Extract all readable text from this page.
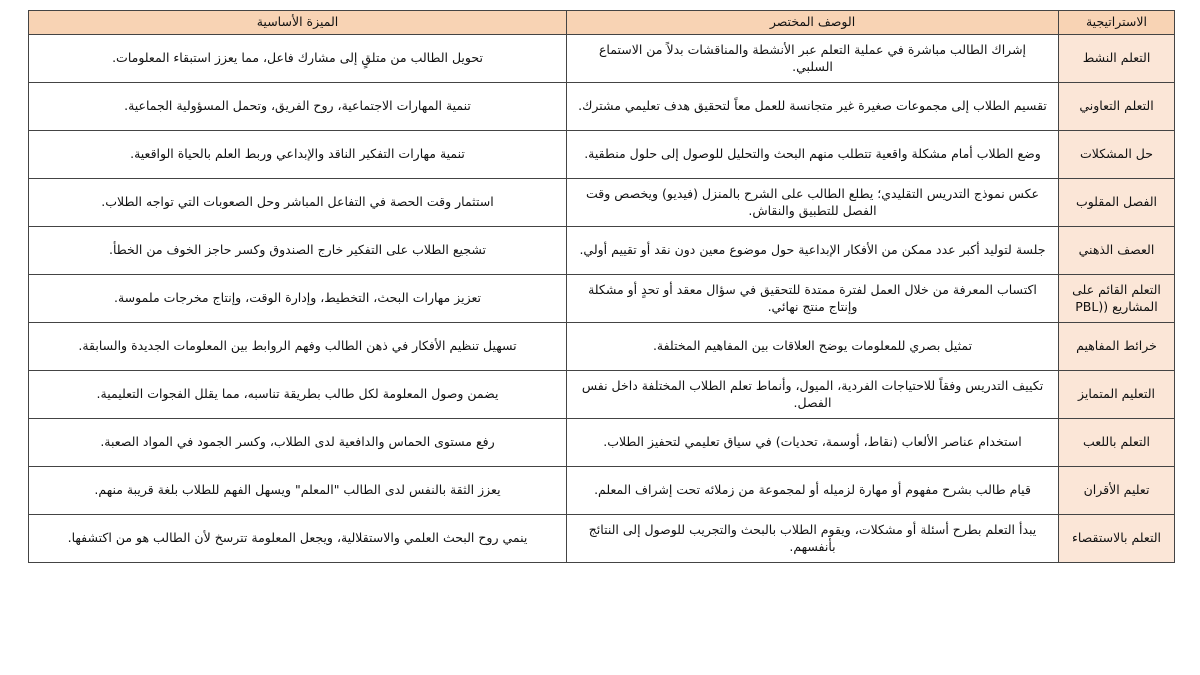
الاستراتيجية	الوصف المختصر	الميزة الأساسية
التعلم النشط	إشراك الطالب مباشرة في عملية التعلم عبر الأنشطة والمناقشات بدلاً من الاستماع السلبي.	تحويل الطالب من متلقٍ إلى مشارك فاعل، مما يعزز استبقاء المعلومات.
التعلم التعاوني	تقسيم الطلاب إلى مجموعات صغيرة غير متجانسة للعمل معاً لتحقيق هدف تعليمي مشترك.	تنمية المهارات الاجتماعية، روح الفريق، وتحمل المسؤولية الجماعية.
حل المشكلات	وضع الطلاب أمام مشكلة واقعية تتطلب منهم البحث والتحليل للوصول إلى حلول منطقية.	تنمية مهارات التفكير الناقد والإبداعي وربط العلم بالحياة الواقعية.
الفصل المقلوب	عكس نموذج التدريس التقليدي؛ يطلع الطالب على الشرح بالمنزل (فيديو) ويخصص وقت الفصل للتطبيق والنقاش.	استثمار وقت الحصة في التفاعل المباشر وحل الصعوبات التي تواجه الطلاب.
العصف الذهني	جلسة لتوليد أكبر عدد ممكن من الأفكار الإبداعية حول موضوع معين دون نقد أو تقييم أولي.	تشجيع الطلاب على التفكير خارج الصندوق وكسر حاجز الخوف من الخطأ.
التعلم القائم على المشاريع ((PBL	اكتساب المعرفة من خلال العمل لفترة ممتدة للتحقيق في سؤال معقد أو تحدٍ أو مشكلة وإنتاج منتج نهائي.	تعزيز مهارات البحث، التخطيط، وإدارة الوقت، وإنتاج مخرجات ملموسة.
خرائط المفاهيم	تمثيل بصري للمعلومات يوضح العلاقات بين المفاهيم المختلفة.	تسهيل تنظيم الأفكار في ذهن الطالب وفهم الروابط بين المعلومات الجديدة والسابقة.
التعليم المتمايز	تكييف التدريس وفقاً للاحتياجات الفردية، الميول، وأنماط تعلم الطلاب المختلفة داخل نفس الفصل.	يضمن وصول المعلومة لكل طالب بطريقة تناسبه، مما يقلل الفجوات التعليمية.
التعلم باللعب	استخدام عناصر الألعاب (نقاط، أوسمة، تحديات) في سياق تعليمي لتحفيز الطلاب.	رفع مستوى الحماس والدافعية لدى الطلاب، وكسر الجمود في المواد الصعبة.
تعليم الأقران	قيام طالب بشرح مفهوم أو مهارة لزميله أو لمجموعة من زملائه تحت إشراف المعلم.	يعزز الثقة بالنفس لدى الطالب "المعلم" ويسهل الفهم للطلاب بلغة قريبة منهم.
التعلم بالاستقصاء	يبدأ التعلم بطرح أسئلة أو مشكلات، ويقوم الطلاب بالبحث والتجريب للوصول إلى النتائج بأنفسهم.	ينمي روح البحث العلمي والاستقلالية، ويجعل المعلومة تترسخ لأن الطالب هو من اكتشفها.
